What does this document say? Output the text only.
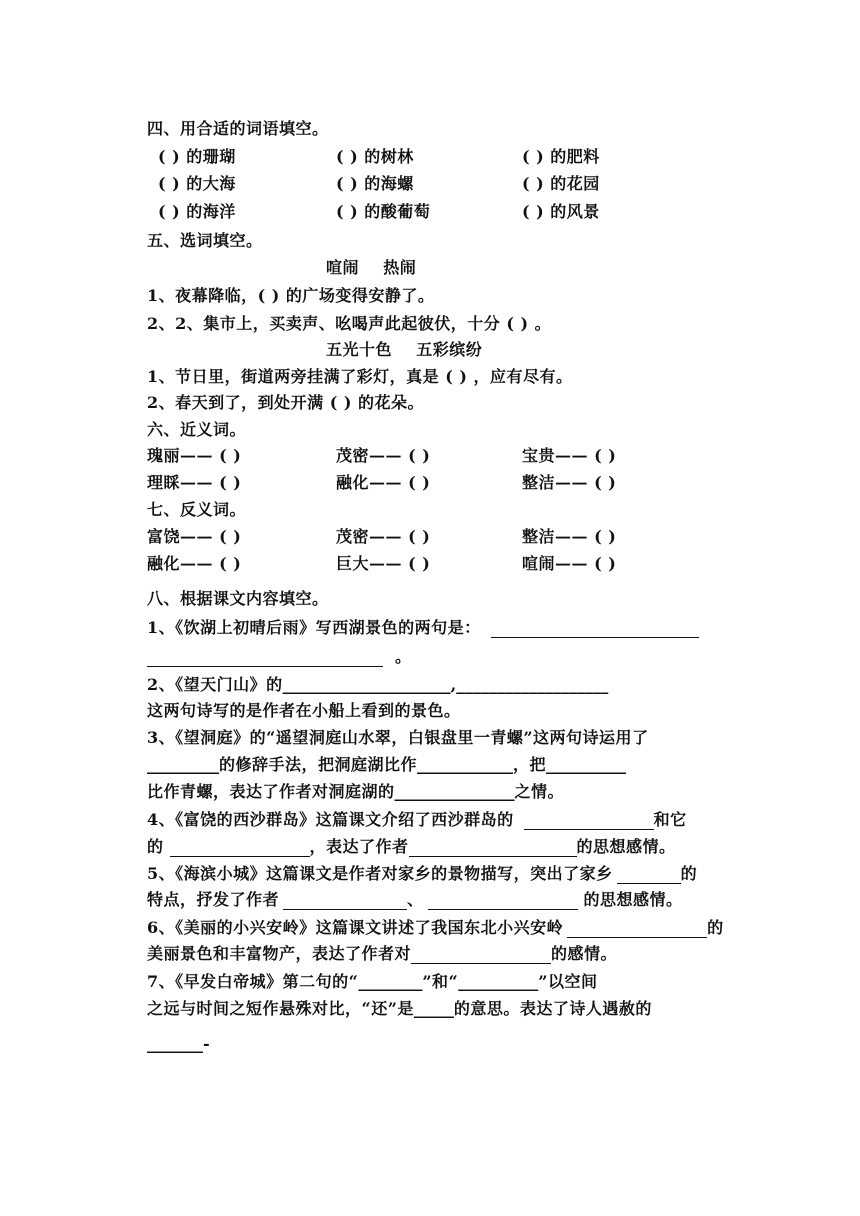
四、用合适的词语填空。
( ) 的珊瑚	( ) 的树林	( ) 的肥料
( ) 的大海	( ) 的海螺	( ) 的花园
( ) 的海洋	( ) 的酸葡萄	( ) 的风景
五、选词填空。
喧闹    热闹
1、夜幕降临，( ) 的广场变得安静了。
2、2、集市上，买卖声、吆喝声此起彼伏，十分 ( ) 。
五光十色    五彩缤纷
1、节日里，街道两旁挂满了彩灯，真是 ( ) ，应有尽有。
2、春天到了，到处开满 ( ) 的花朵。
六、近义词。
瑰丽—— ( )	茂密—— ( )	宝贵—— ( )
理睬—— ( )	融化—— ( )	整洁—— ( )
七、反义词。
富饶—— ( )	茂密—— ( )	整洁—— ( )
融化—— ( )	巨大—— ( )	喧闹—— ( )
八、根据课文内容填空。
1、《饮湖上初晴后雨》写西湖景色的两句是：
。
2、《望天门山》的_____________________,___________________
这两句诗写的是作者在小船上看到的景色。
3、《望洞庭》的“遥望洞庭山水翠，白银盘里一青螺”这两句诗运用了
_________的修辞手法，把洞庭湖比作____________，把__________
比作青螺，表达了作者对洞庭湖的_______________之情。
4、《富饶的西沙群岛》这篇课文介绍了西沙群岛的	和它
的	，表达了作者	的思想感情。
5、《海滨小城》这篇课文是作者对家乡的景物描写，突出了家乡	的
特点，抒发了作者	、	的思想感情。
6、《美丽的小兴安岭》这篇课文讲述了我国东北小兴安岭	的
美丽景色和丰富物产，表达了作者对	的感情。
7、《早发白帝城》第二句的“________”和“__________”以空间
之远与时间之短作悬殊对比，“还”是_____的意思。表达了诗人遇赦的
_______-
